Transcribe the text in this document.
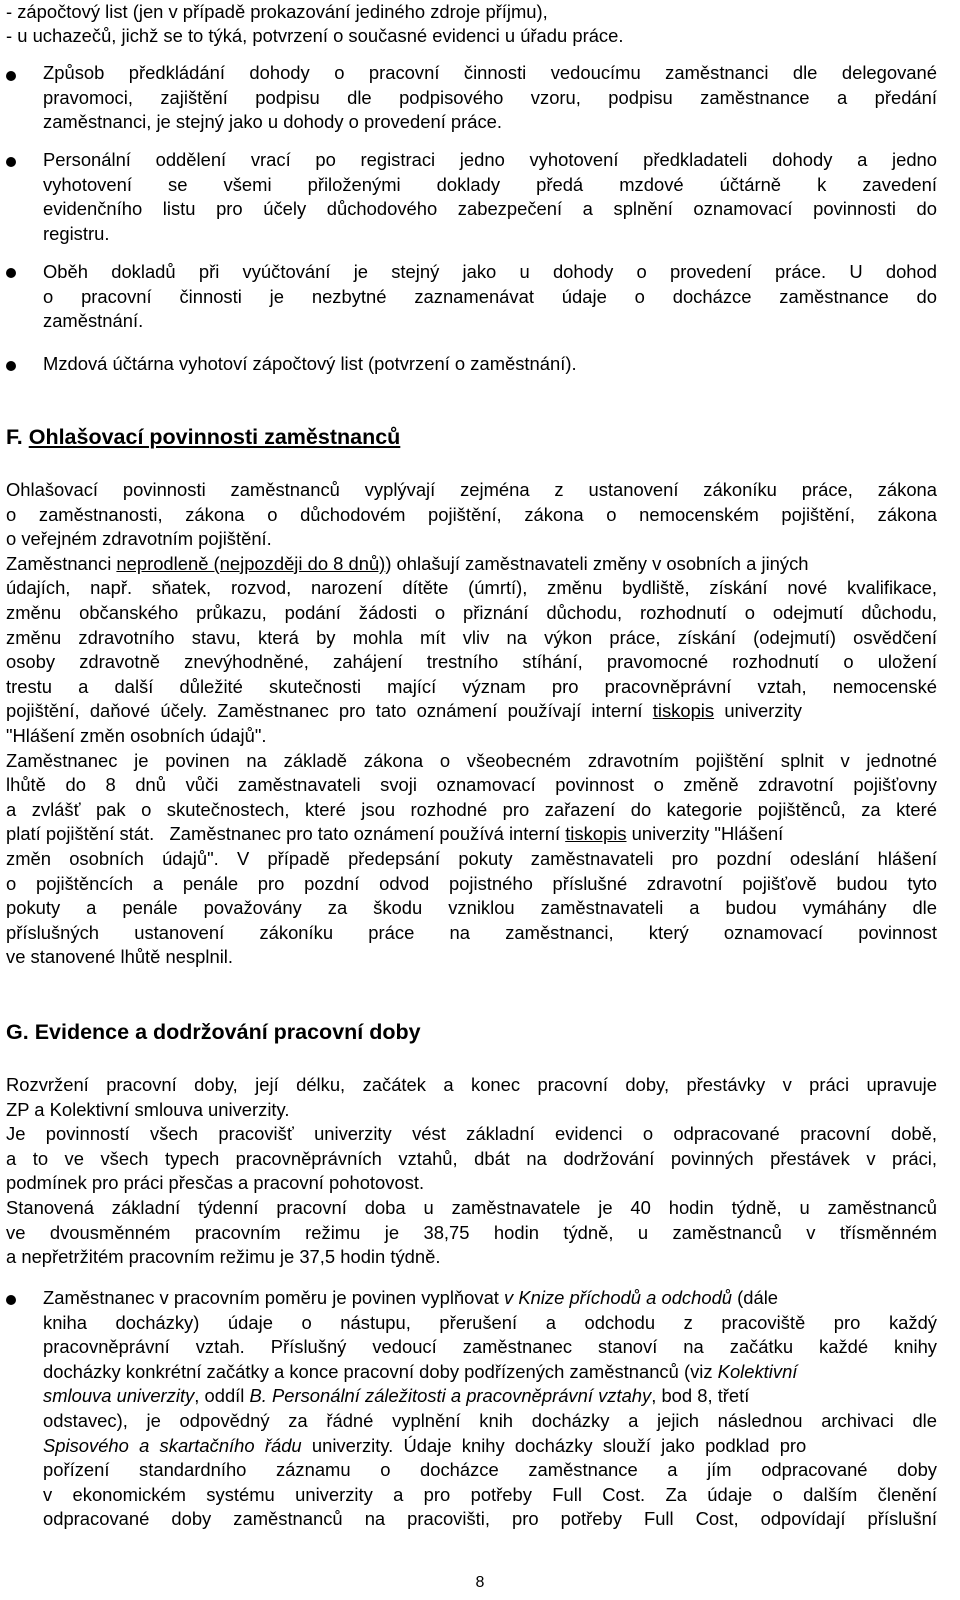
- zápočtový list (jen v případě prokazování jediného zdroje příjmu),
- u uchazečů, jichž se to týká, potvrzení o současné evidenci u úřadu práce.
Způsob předkládání dohody o pracovní činnosti vedoucímu zaměstnanci dle delegované
pravomoci, zajištění podpisu dle podpisového vzoru, podpisu zaměstnance a předání
zaměstnanci, je stejný jako u dohody o provedení práce.
Personální oddělení vrací po registraci jedno vyhotovení předkladateli dohody a jedno
vyhotovení se všemi přiloženými doklady předá mzdové účtárně k zavedení
evidenčního listu pro účely důchodového zabezpečení a splnění oznamovací povinnosti do
registru.
Oběh dokladů při vyúčtování je stejný jako u dohody o provedení práce. U dohod
o pracovní činnosti je nezbytné zaznamenávat údaje o docházce zaměstnance do
zaměstnání.
Mzdová účtárna vyhotoví zápočtový list (potvrzení o zaměstnání).
F. Ohlašovací povinnosti zaměstnanců
Ohlašovací povinnosti zaměstnanců vyplývají zejména z ustanovení zákoníku práce, zákona
o zaměstnanosti, zákona o důchodovém pojištění, zákona o nemocenském pojištění, zákona
o veřejném zdravotním pojištění.
Zaměstnanci neprodleně (nejpozději do 8 dnů)) ohlašují zaměstnavateli změny v osobních a jiných
údajích, např. sňatek, rozvod, narození dítěte (úmrtí), změnu bydliště, získání nové kvalifikace,
změnu občanského průkazu, podání žádosti o přiznání důchodu, rozhodnutí o odejmutí důchodu,
změnu zdravotního stavu, která by mohla mít vliv na výkon práce, získání (odejmutí) osvědčení
osoby zdravotně znevýhodněné, zahájení trestního stíhání, pravomocné rozhodnutí o uložení
trestu a další důležité skutečnosti mající význam pro pracovněprávní vztah, nemocenské
pojištění,  daňové  účely.  Zaměstnanec  pro  tato  oznámení  používají  interní  tiskopis  univerzity
"Hlášení změn osobních údajů".
Zaměstnanec je povinen na základě zákona o všeobecném zdravotním pojištění splnit v jednotné
lhůtě do 8 dnů vůči zaměstnavateli svoji oznamovací povinnost o změně zdravotní pojišťovny
a zvlášť pak o skutečnostech, které jsou rozhodné pro zařazení do kategorie pojištěnců, za které
platí pojištění stát.   Zaměstnanec pro tato oznámení používá interní tiskopis univerzity "Hlášení
změn osobních údajů". V případě předepsání pokuty zaměstnavateli pro pozdní odeslání hlášení
o pojištěncích a penále pro pozdní odvod pojistného příslušné zdravotní pojišťově budou tyto
pokuty a penále považovány za škodu vzniklou zaměstnavateli a budou vymáhány dle
příslušných ustanovení zákoníku práce na zaměstnanci, který oznamovací povinnost
ve stanovené lhůtě nesplnil.
G. Evidence a dodržování pracovní doby
Rozvržení pracovní doby, její délku, začátek a konec pracovní doby, přestávky v práci upravuje
ZP a Kolektivní smlouva univerzity.
Je povinností všech pracovišť univerzity vést základní evidenci o odpracované pracovní době,
a to ve všech typech pracovněprávních vztahů, dbát na dodržování povinných přestávek v práci,
podmínek pro práci přesčas a pracovní pohotovost.
Stanovená základní týdenní pracovní doba u zaměstnavatele je 40 hodin týdně, u zaměstnanců
ve dvousměnném pracovním režimu je 38,75 hodin týdně, u zaměstnanců v třísměnném
a nepřetržitém pracovním režimu je 37,5 hodin týdně.
Zaměstnanec v pracovním poměru je povinen vyplňovat v Knize příchodů a odchodů (dále
kniha docházky) údaje o nástupu, přerušení a odchodu z pracoviště pro každý
pracovněprávní vztah. Příslušný vedoucí zaměstnanec stanoví na začátku každé knihy
docházky konkrétní začátky a konce pracovní doby podřízených zaměstnanců (viz Kolektivní
smlouva univerzity, oddíl B. Personální záležitosti a pracovněprávní vztahy, bod 8, třetí
odstavec), je odpovědný za řádné vyplnění knih docházky a jejich následnou archivaci dle
Spisového  a  skartačního  řádu  univerzity.  Údaje  knihy  docházky  slouží  jako  podklad  pro
pořízení standardního záznamu o docházce zaměstnance a jím odpracované doby
v ekonomickém systému univerzity a pro potřeby Full Cost. Za údaje o dalším členění
odpracované doby zaměstnanců na pracovišti, pro potřeby Full Cost, odpovídají příslušní
8
